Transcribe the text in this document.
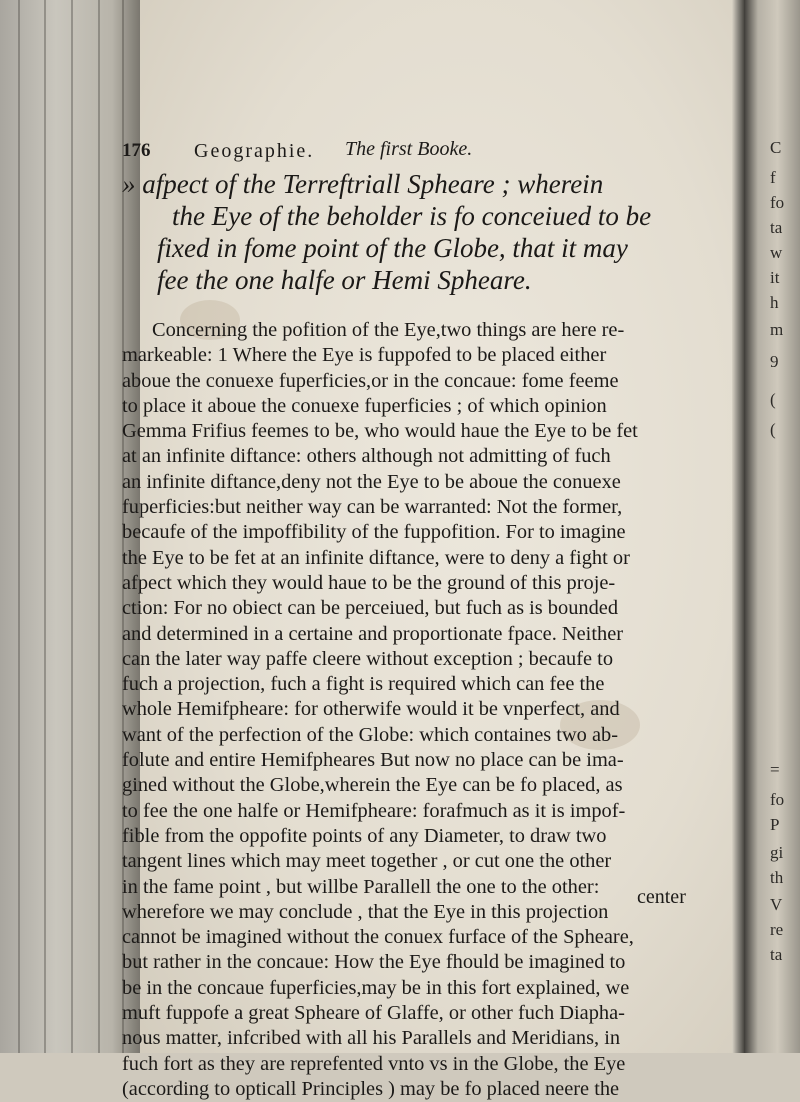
176 Geographie. The first Booke.
» afpect of the Terreftriall Spheare ; wherein
the Eye of the beholder is fo conceiued to be
fixed in fome point of the Globe, that it may
fee the one halfe or Hemi Spheare.
Concerning the pofition of the Eye,two things are here re-
markeable: 1 Where the Eye is fuppofed to be placed either
aboue the conuexe fuperficies,or in the concaue: fome feeme
to place it aboue the conuexe fuperficies ; of which opinion
Gemma Frifius feemes to be, who would haue the Eye to be fet
at an infinite diftance: others although not admitting of fuch
an infinite diftance,deny not the Eye to be aboue the conuexe
fuperficies:but neither way can be warranted: Not the former,
becaufe of the impoffibility of the fuppofition. For to imagine
the Eye to be fet at an infinite diftance, were to deny a fight or
afpect which they would haue to be the ground of this proje-
ction: For no obiect can be perceiued, but fuch as is bounded
and determined in a certaine and proportionate fpace. Neither
can the later way paffe cleere without exception ; becaufe to
fuch a projection, fuch a fight is required which can fee the
whole Hemifpheare: for otherwife would it be vnperfect, and
want of the perfection of the Globe: which containes two ab-
folute and entire Hemifpheares But now no place can be ima-
gined without the Globe,wherein the Eye can be fo placed, as
to fee the one halfe or Hemifpheare: forafmuch as it is impof-
fible from the oppofite points of any Diameter, to draw two
tangent lines which may meet together , or cut one the other
in the fame point , but willbe Parallell the one to the other:
wherefore we may conclude , that the Eye in this projection
cannot be imagined without the conuex furface of the Spheare,
but rather in the concaue: How the Eye fhould be imagined to
be in the concaue fuperficies,may be in this fort explained, we
muft fuppofe a great Spheare of Glaffe, or other fuch Diapha-
nous matter, infcribed with all his Parallels and Meridians, in
fuch fort as they are reprefented vnto vs in the Globe, the Eye
(according to opticall Principles ) may be fo placed neere the
center
C
f
fo
ta
w
it
h
m
9
(
(
=
fo
P
gi
th
V
re
ta
